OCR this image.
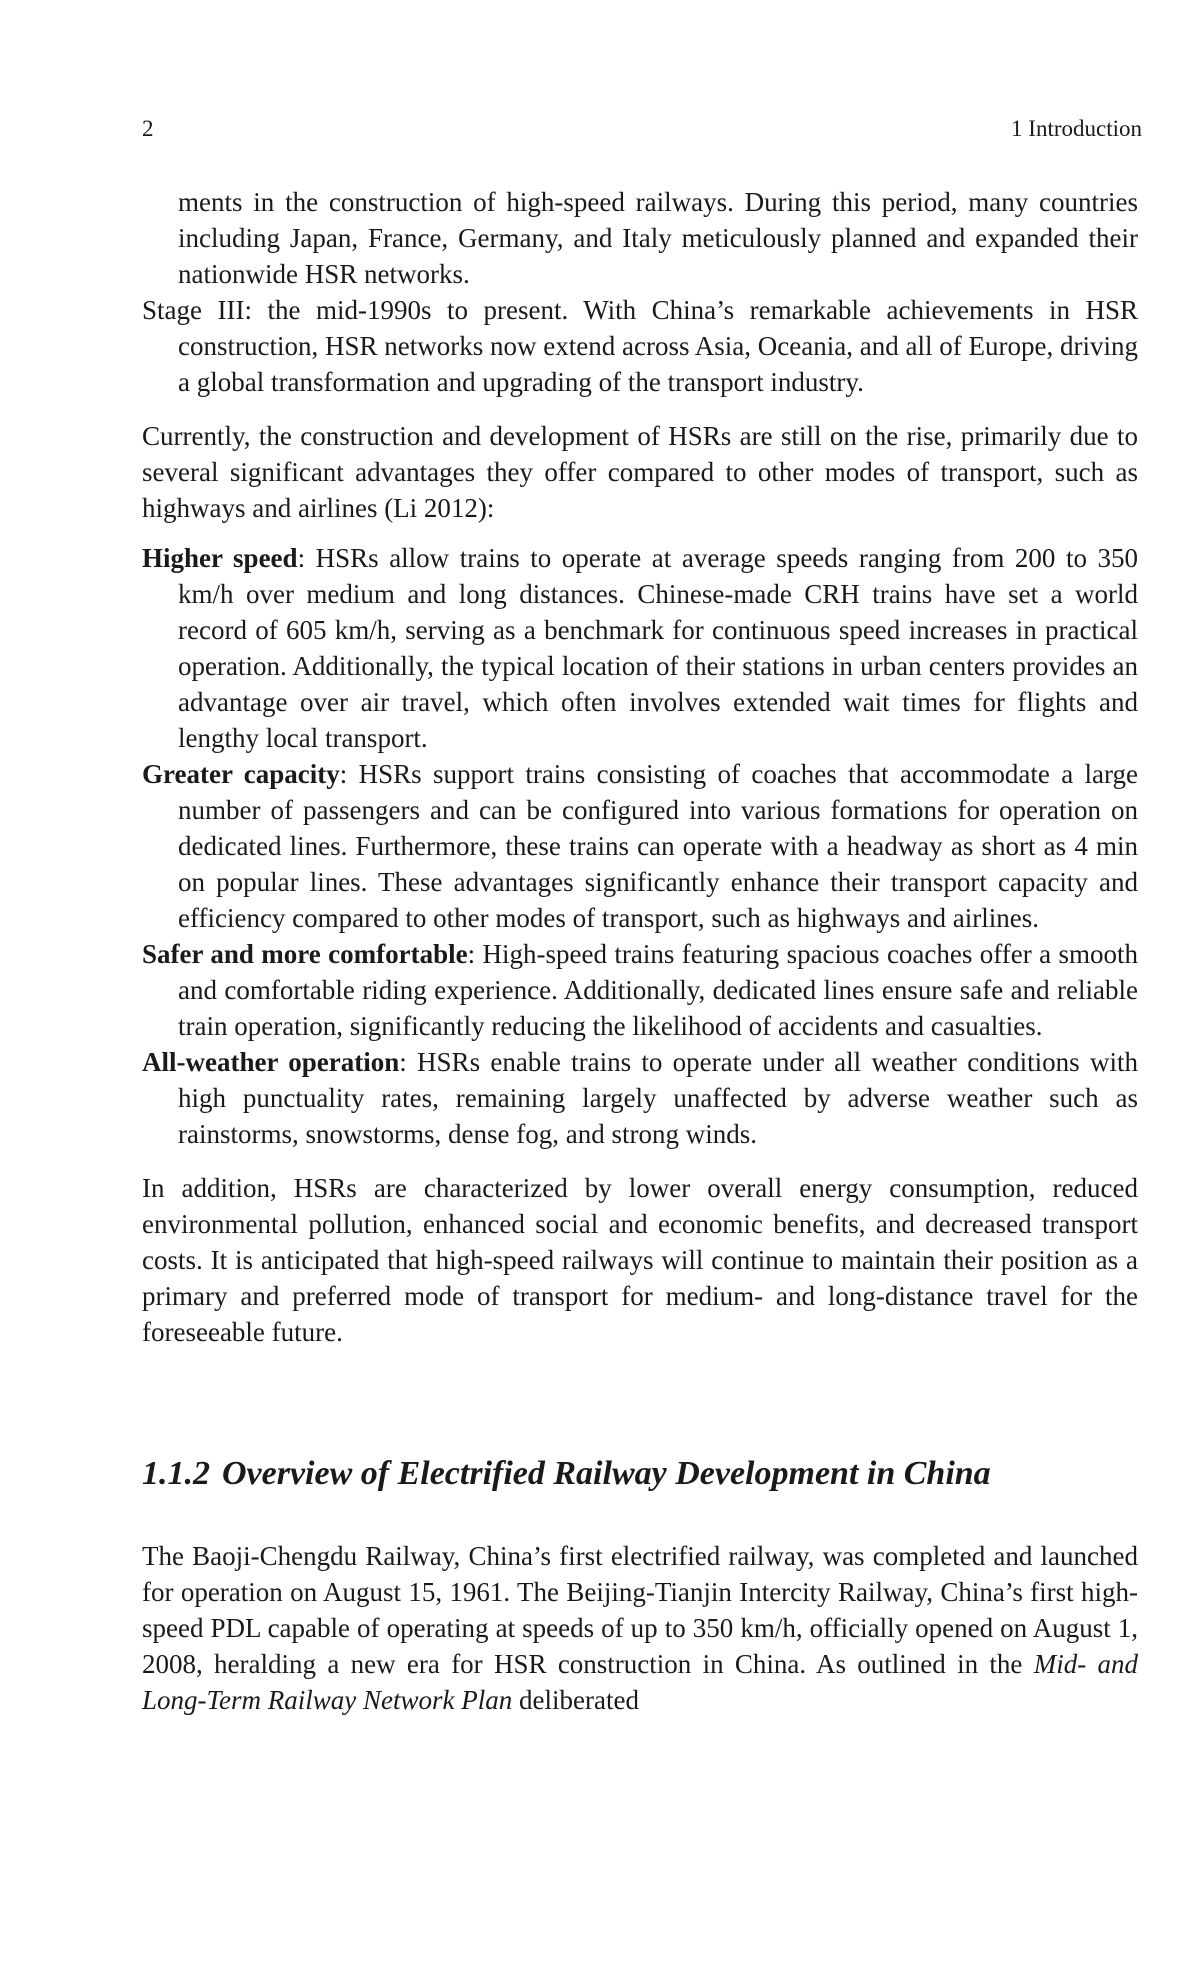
2	1 Introduction

ments in the construction of high-speed railways. During this period, many countries including Japan, France, Germany, and Italy meticulously planned and expanded their nationwide HSR networks.

Stage III: the mid-1990s to present. With China’s remarkable achievements in HSR construction, HSR networks now extend across Asia, Oceania, and all of Europe, driving a global transformation and upgrading of the transport industry.

Currently, the construction and development of HSRs are still on the rise, primarily due to several significant advantages they offer compared to other modes of transport, such as highways and airlines (Li 2012):

Higher speed: HSRs allow trains to operate at average speeds ranging from 200 to 350 km/h over medium and long distances. Chinese-made CRH trains have set a world record of 605 km/h, serving as a benchmark for continuous speed increases in practical operation. Additionally, the typical location of their stations in urban centers provides an advantage over air travel, which often involves extended wait times for flights and lengthy local transport.

Greater capacity: HSRs support trains consisting of coaches that accommodate a large number of passengers and can be configured into various formations for operation on dedicated lines. Furthermore, these trains can operate with a headway as short as 4 min on popular lines. These advantages significantly enhance their transport capacity and efficiency compared to other modes of transport, such as highways and airlines.

Safer and more comfortable: High-speed trains featuring spacious coaches offer a smooth and comfortable riding experience. Additionally, dedicated lines ensure safe and reliable train operation, significantly reducing the likelihood of accidents and casualties.

All-weather operation: HSRs enable trains to operate under all weather conditions with high punctuality rates, remaining largely unaffected by adverse weather such as rainstorms, snowstorms, dense fog, and strong winds.

In addition, HSRs are characterized by lower overall energy consumption, reduced environmental pollution, enhanced social and economic benefits, and decreased transport costs. It is anticipated that high-speed railways will continue to maintain their position as a primary and preferred mode of transport for medium- and long-distance travel for the foreseeable future.

1.1.2 Overview of Electrified Railway Development in China

The Baoji-Chengdu Railway, China’s first electrified railway, was completed and launched for operation on August 15, 1961. The Beijing-Tianjin Intercity Railway, China’s first high-speed PDL capable of operating at speeds of up to 350 km/h, officially opened on August 1, 2008, heralding a new era for HSR construction in China. As outlined in the Mid- and Long-Term Railway Network Plan deliberated
